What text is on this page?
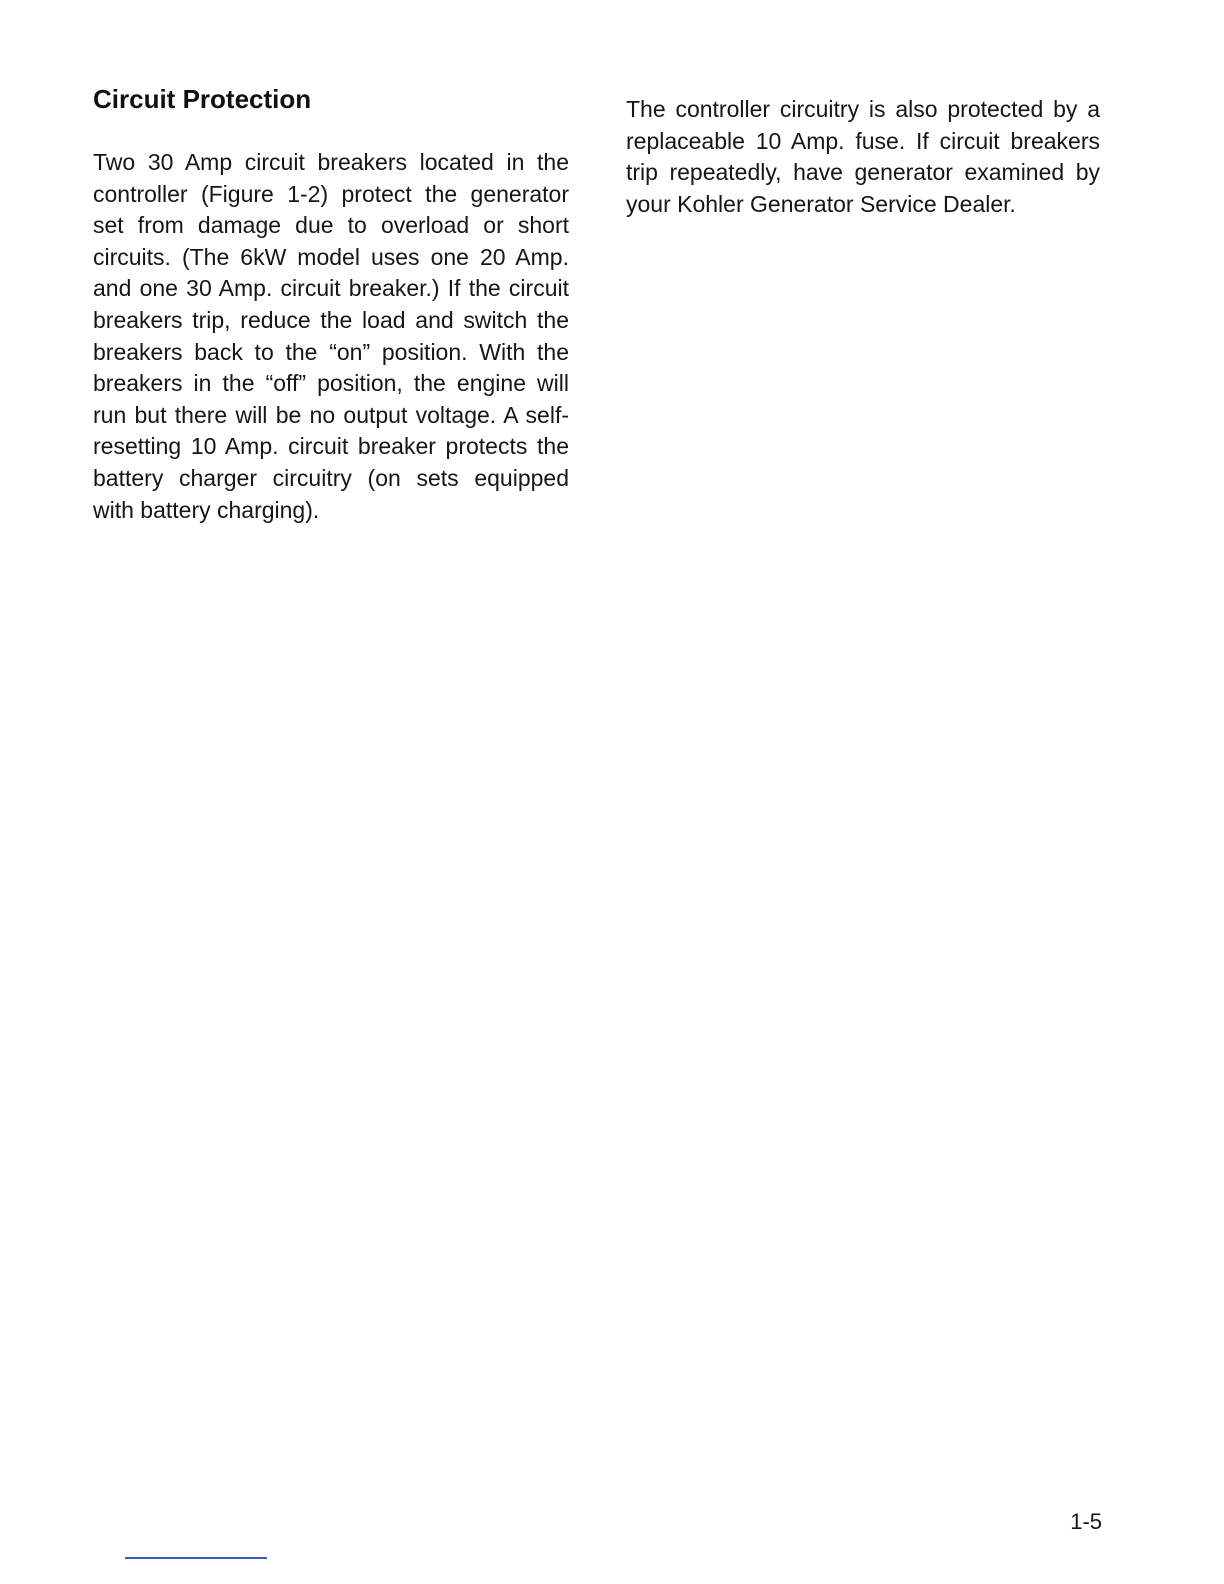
Circuit Protection

Two 30 Amp circuit breakers located in the controller (Figure 1-2) protect the generator set from damage due to overload or short circuits. (The 6kW model uses one 20 Amp. and one 30 Amp. circuit breaker.) If the circuit breakers trip, reduce the load and switch the breakers back to the “on” position. With the breakers in the “off” position, the engine will run but there will be no output voltage. A self-resetting 10 Amp. circuit breaker protects the battery charger circuitry (on sets equipped with battery charging).

The controller circuitry is also protected by a replaceable 10 Amp. fuse. If circuit breakers trip repeatedly, have generator examined by your Kohler Generator Service Dealer.

1-5
